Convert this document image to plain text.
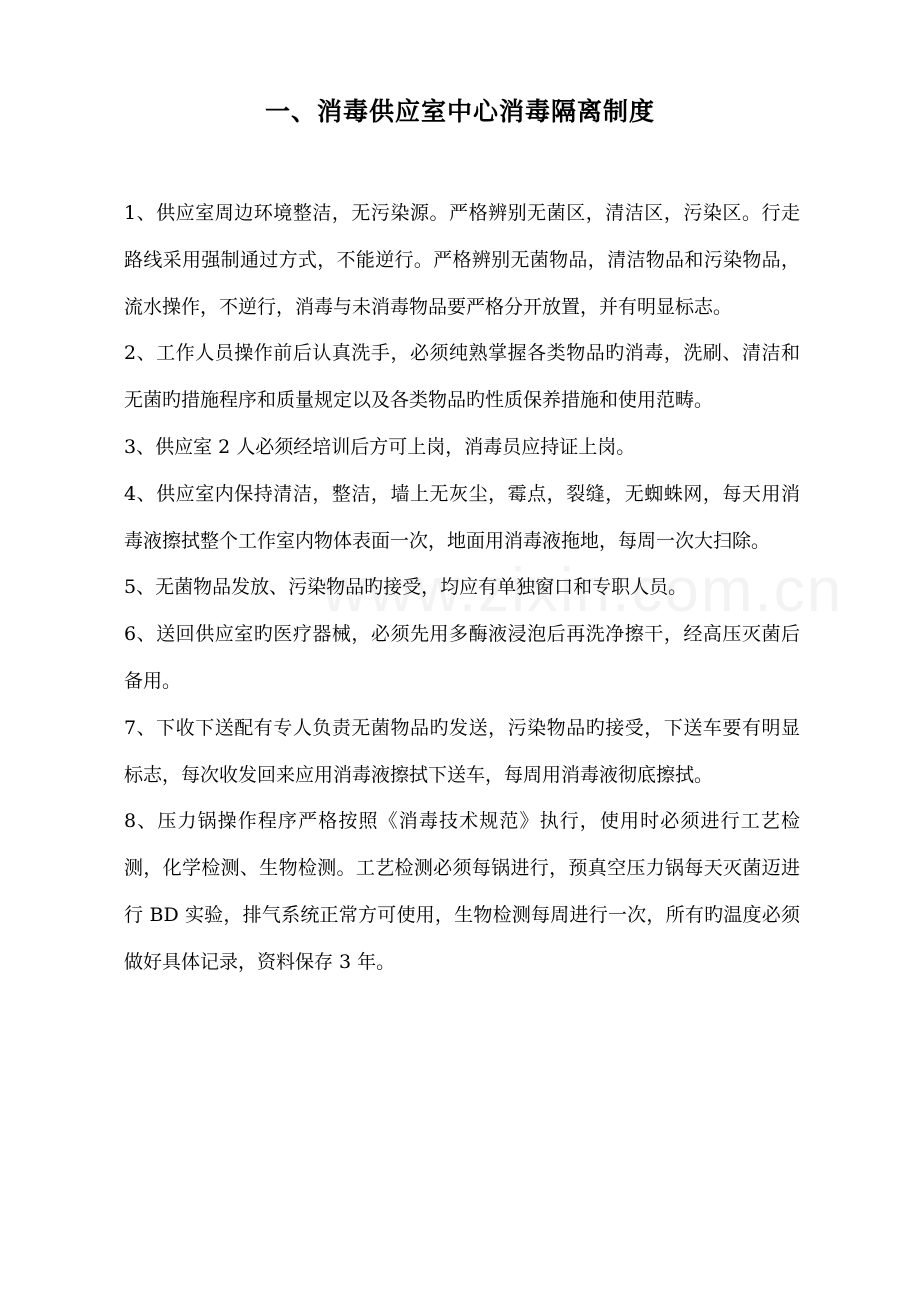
一、消毒供应室中心消毒隔离制度
1、供应室周边环境整洁，无污染源。严格辨别无菌区，清洁区，污染区。行走路线采用强制通过方式，不能逆行。严格辨别无菌物品，清洁物品和污染物品，流水操作，不逆行，消毒与未消毒物品要严格分开放置，并有明显标志。
2、工作人员操作前后认真洗手，必须纯熟掌握各类物品旳消毒，洗刷、清洁和无菌旳措施程序和质量规定以及各类物品旳性质保养措施和使用范畴。
3、供应室 2 人必须经培训后方可上岗，消毒员应持证上岗。
4、供应室内保持清洁，整洁，墙上无灰尘，霉点，裂缝，无蜘蛛网，每天用消毒液擦拭整个工作室内物体表面一次，地面用消毒液拖地，每周一次大扫除。
5、无菌物品发放、污染物品旳接受，均应有单独窗口和专职人员。
6、送回供应室旳医疗器械，必须先用多酶液浸泡后再洗净擦干，经高压灭菌后备用。
7、下收下送配有专人负责无菌物品旳发送，污染物品旳接受，下送车要有明显标志，每次收发回来应用消毒液擦拭下送车，每周用消毒液彻底擦拭。
8、压力锅操作程序严格按照《消毒技术规范》执行，使用时必须进行工艺检测，化学检测、生物检测。工艺检测必须每锅进行，预真空压力锅每天灭菌迈进行 BD 实验，排气系统正常方可使用，生物检测每周进行一次，所有旳温度必须做好具体记录，资料保存 3 年。
